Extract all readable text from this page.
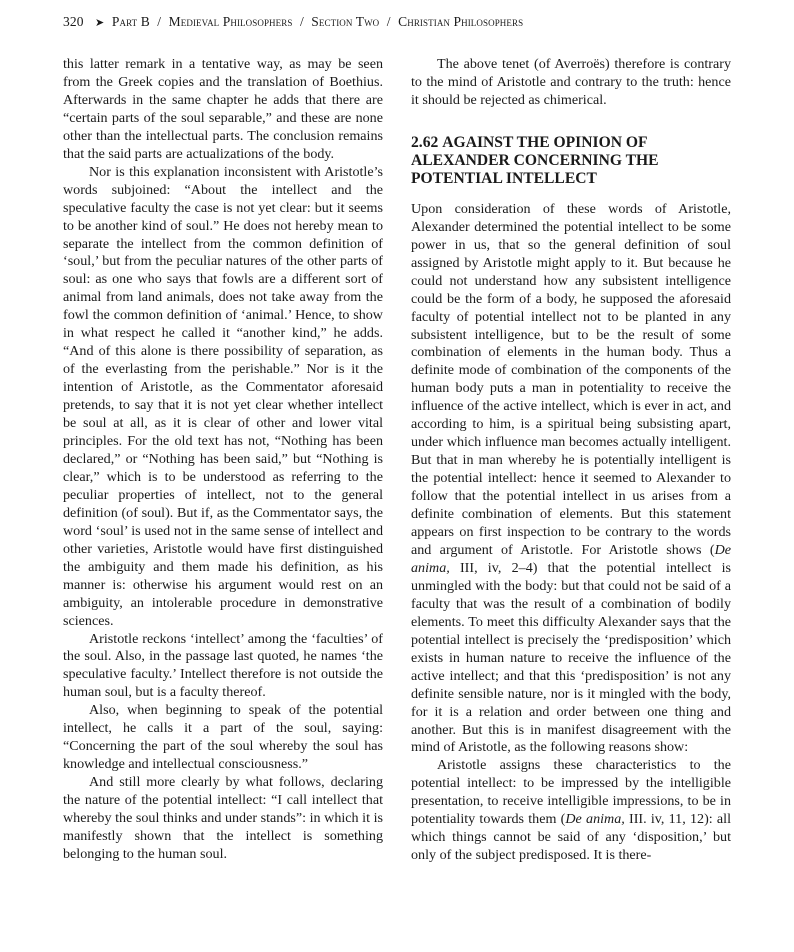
320 ➤ Part B / Medieval Philosophers / Section Two / Christian Philosophers

this latter remark in a tentative way, as may be seen from the Greek copies and the translation of Boethius. Afterwards in the same chapter he adds that there are “certain parts of the soul separable,” and these are none other than the intellectual parts. The conclusion remains that the said parts are actualizations of the body.

Nor is this explanation inconsistent with Aristotle’s words subjoined: “About the intellect and the speculative faculty the case is not yet clear: but it seems to be another kind of soul.” He does not hereby mean to separate the intellect from the common definition of ‘soul,’ but from the peculiar natures of the other parts of soul: as one who says that fowls are a different sort of animal from land animals, does not take away from the fowl the common definition of ‘animal.’ Hence, to show in what respect he called it “another kind,” he adds. “And of this alone is there possibility of separation, as of the everlasting from the perishable.” Nor is it the intention of Aristotle, as the Commentator aforesaid pretends, to say that it is not yet clear whether intellect be soul at all, as it is clear of other and lower vital principles. For the old text has not, “Nothing has been declared,” or “Nothing has been said,” but “Nothing is clear,” which is to be understood as referring to the peculiar properties of intellect, not to the general definition (of soul). But if, as the Commentator says, the word ‘soul’ is used not in the same sense of intellect and other varieties, Aristotle would have first distinguished the ambiguity and them made his definition, as his manner is: otherwise his argument would rest on an ambiguity, an intolerable procedure in demonstrative sciences.

Aristotle reckons ‘intellect’ among the ‘faculties’ of the soul. Also, in the passage last quoted, he names ‘the speculative faculty.’ Intellect therefore is not outside the human soul, but is a faculty thereof.

Also, when beginning to speak of the potential intellect, he calls it a part of the soul, saying: “Concerning the part of the soul whereby the soul has knowledge and intellectual consciousness.”

And still more clearly by what follows, declaring the nature of the potential intellect: “I call intellect that whereby the soul thinks and under stands”: in which it is manifestly shown that the intellect is something belonging to the human soul.

The above tenet (of Averroës) therefore is contrary to the mind of Aristotle and contrary to the truth: hence it should be rejected as chimerical.

2.62 AGAINST THE OPINION OF ALEXANDER CONCERNING THE POTENTIAL INTELLECT

Upon consideration of these words of Aristotle, Alexander determined the potential intellect to be some power in us, that so the general definition of soul assigned by Aristotle might apply to it. But because he could not understand how any subsistent intelligence could be the form of a body, he supposed the aforesaid faculty of potential intellect not to be planted in any subsistent intelligence, but to be the result of some combination of elements in the human body. Thus a definite mode of combination of the components of the human body puts a man in potentiality to receive the influence of the active intellect, which is ever in act, and according to him, is a spiritual being subsisting apart, under which influence man becomes actually intelligent. But that in man whereby he is potentially intelligent is the potential intellect: hence it seemed to Alexander to follow that the potential intellect in us arises from a definite combination of elements. But this statement appears on first inspection to be contrary to the words and argument of Aristotle. For Aristotle shows (De anima, III, iv, 2–4) that the potential intellect is unmingled with the body: but that could not be said of a faculty that was the result of a combination of bodily elements. To meet this difficulty Alexander says that the potential intellect is precisely the ‘predisposition’ which exists in human nature to receive the influence of the active intellect; and that this ‘predisposition’ is not any definite sensible nature, nor is it mingled with the body, for it is a relation and order between one thing and another. But this is in manifest disagreement with the mind of Aristotle, as the following reasons show:

Aristotle assigns these characteristics to the potential intellect: to be impressed by the intelligible presentation, to receive intelligible impressions, to be in potentiality towards them (De anima, III. iv, 11, 12): all which things cannot be said of any ‘disposition,’ but only of the subject predisposed. It is there-
